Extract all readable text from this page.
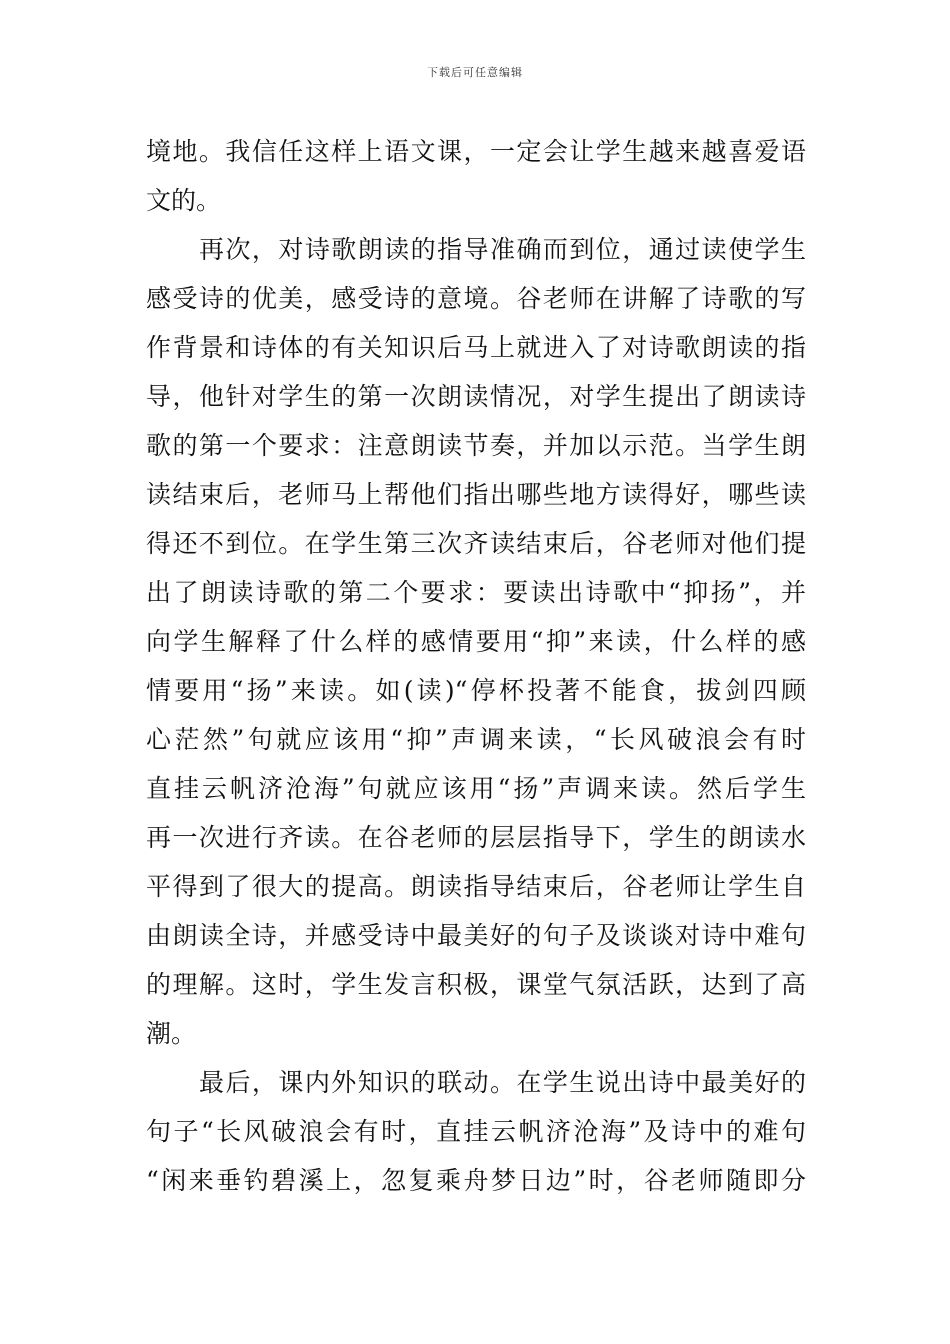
下载后可任意编辑
境地。我信任这样上语文课，一定会让学生越来越喜爱语
文的。
再次，对诗歌朗读的指导准确而到位，通过读使学生
感受诗的优美，感受诗的意境。谷老师在讲解了诗歌的写
作背景和诗体的有关知识后马上就进入了对诗歌朗读的指
导，他针对学生的第一次朗读情况，对学生提出了朗读诗
歌的第一个要求：注意朗读节奏，并加以示范。当学生朗
读结束后，老师马上帮他们指出哪些地方读得好，哪些读
得还不到位。在学生第三次齐读结束后，谷老师对他们提
出了朗读诗歌的第二个要求：要读出诗歌中“抑扬”，并
向学生解释了什么样的感情要用“抑”来读，什么样的感
情要用“扬”来读。如(读)“停杯投著不能食，拔剑四顾
心茫然”句就应该用“抑”声调来读，“长风破浪会有时
直挂云帆济沧海”句就应该用“扬”声调来读。然后学生
再一次进行齐读。在谷老师的层层指导下，学生的朗读水
平得到了很大的提高。朗读指导结束后，谷老师让学生自
由朗读全诗，并感受诗中最美好的句子及谈谈对诗中难句
的理解。这时，学生发言积极，课堂气氛活跃，达到了高
潮。
最后，课内外知识的联动。在学生说出诗中最美好的
句子“长风破浪会有时，直挂云帆济沧海”及诗中的难句
“闲来垂钓碧溪上，忽复乘舟梦日边”时，谷老师随即分
